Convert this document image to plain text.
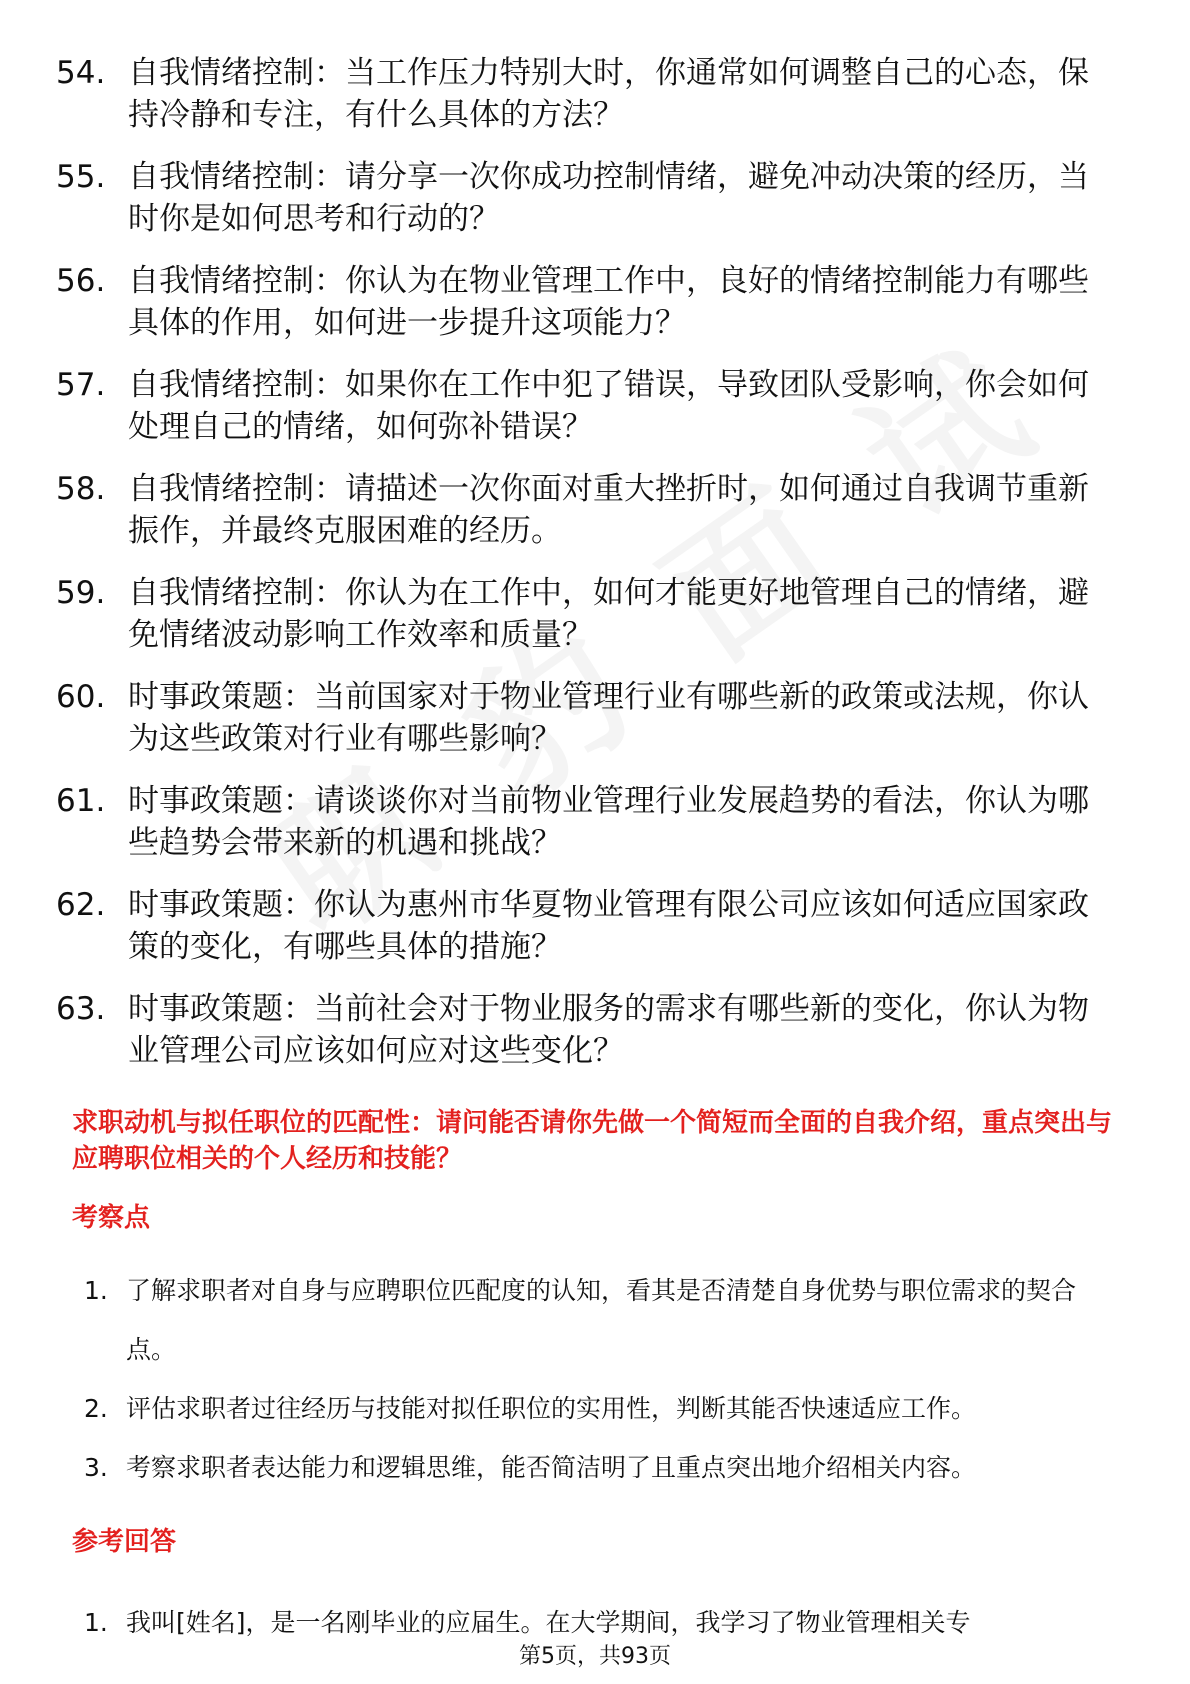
54. 自我情绪控制：当工作压力特别大时，你通常如何调整自己的心态，保持冷静和专注，有什么具体的方法？
55. 自我情绪控制：请分享一次你成功控制情绪，避免冲动决策的经历，当时你是如何思考和行动的？
56. 自我情绪控制：你认为在物业管理工作中，良好的情绪控制能力有哪些具体的作用，如何进一步提升这项能力？
57. 自我情绪控制：如果你在工作中犯了错误，导致团队受影响，你会如何处理自己的情绪，如何弥补错误？
58. 自我情绪控制：请描述一次你面对重大挫折时，如何通过自我调节重新振作，并最终克服困难的经历。
59. 自我情绪控制：你认为在工作中，如何才能更好地管理自己的情绪，避免情绪波动影响工作效率和质量？
60. 时事政策题：当前国家对于物业管理行业有哪些新的政策或法规，你认为这些政策对行业有哪些影响？
61. 时事政策题：请谈谈你对当前物业管理行业发展趋势的看法，你认为哪些趋势会带来新的机遇和挑战？
62. 时事政策题：你认为惠州市华夏物业管理有限公司应该如何适应国家政策的变化，有哪些具体的措施？
63. 时事政策题：当前社会对于物业服务的需求有哪些新的变化，你认为物业管理公司应该如何应对这些变化？
求职动机与拟任职位的匹配性：请问能否请你先做一个简短而全面的自我介绍，重点突出与应聘职位相关的个人经历和技能？
考察点
1. 了解求职者对自身与应聘职位匹配度的认知，看其是否清楚自身优势与职位需求的契合点。
2. 评估求职者过往经历与技能对拟任职位的实用性，判断其能否快速适应工作。
3. 考察求职者表达能力和逻辑思维，能否简洁明了且重点突出地介绍相关内容。
参考回答
1. 我叫[姓名]，是一名刚毕业的应届生。在大学期间，我学习了物业管理相关专
第5页，共93页
